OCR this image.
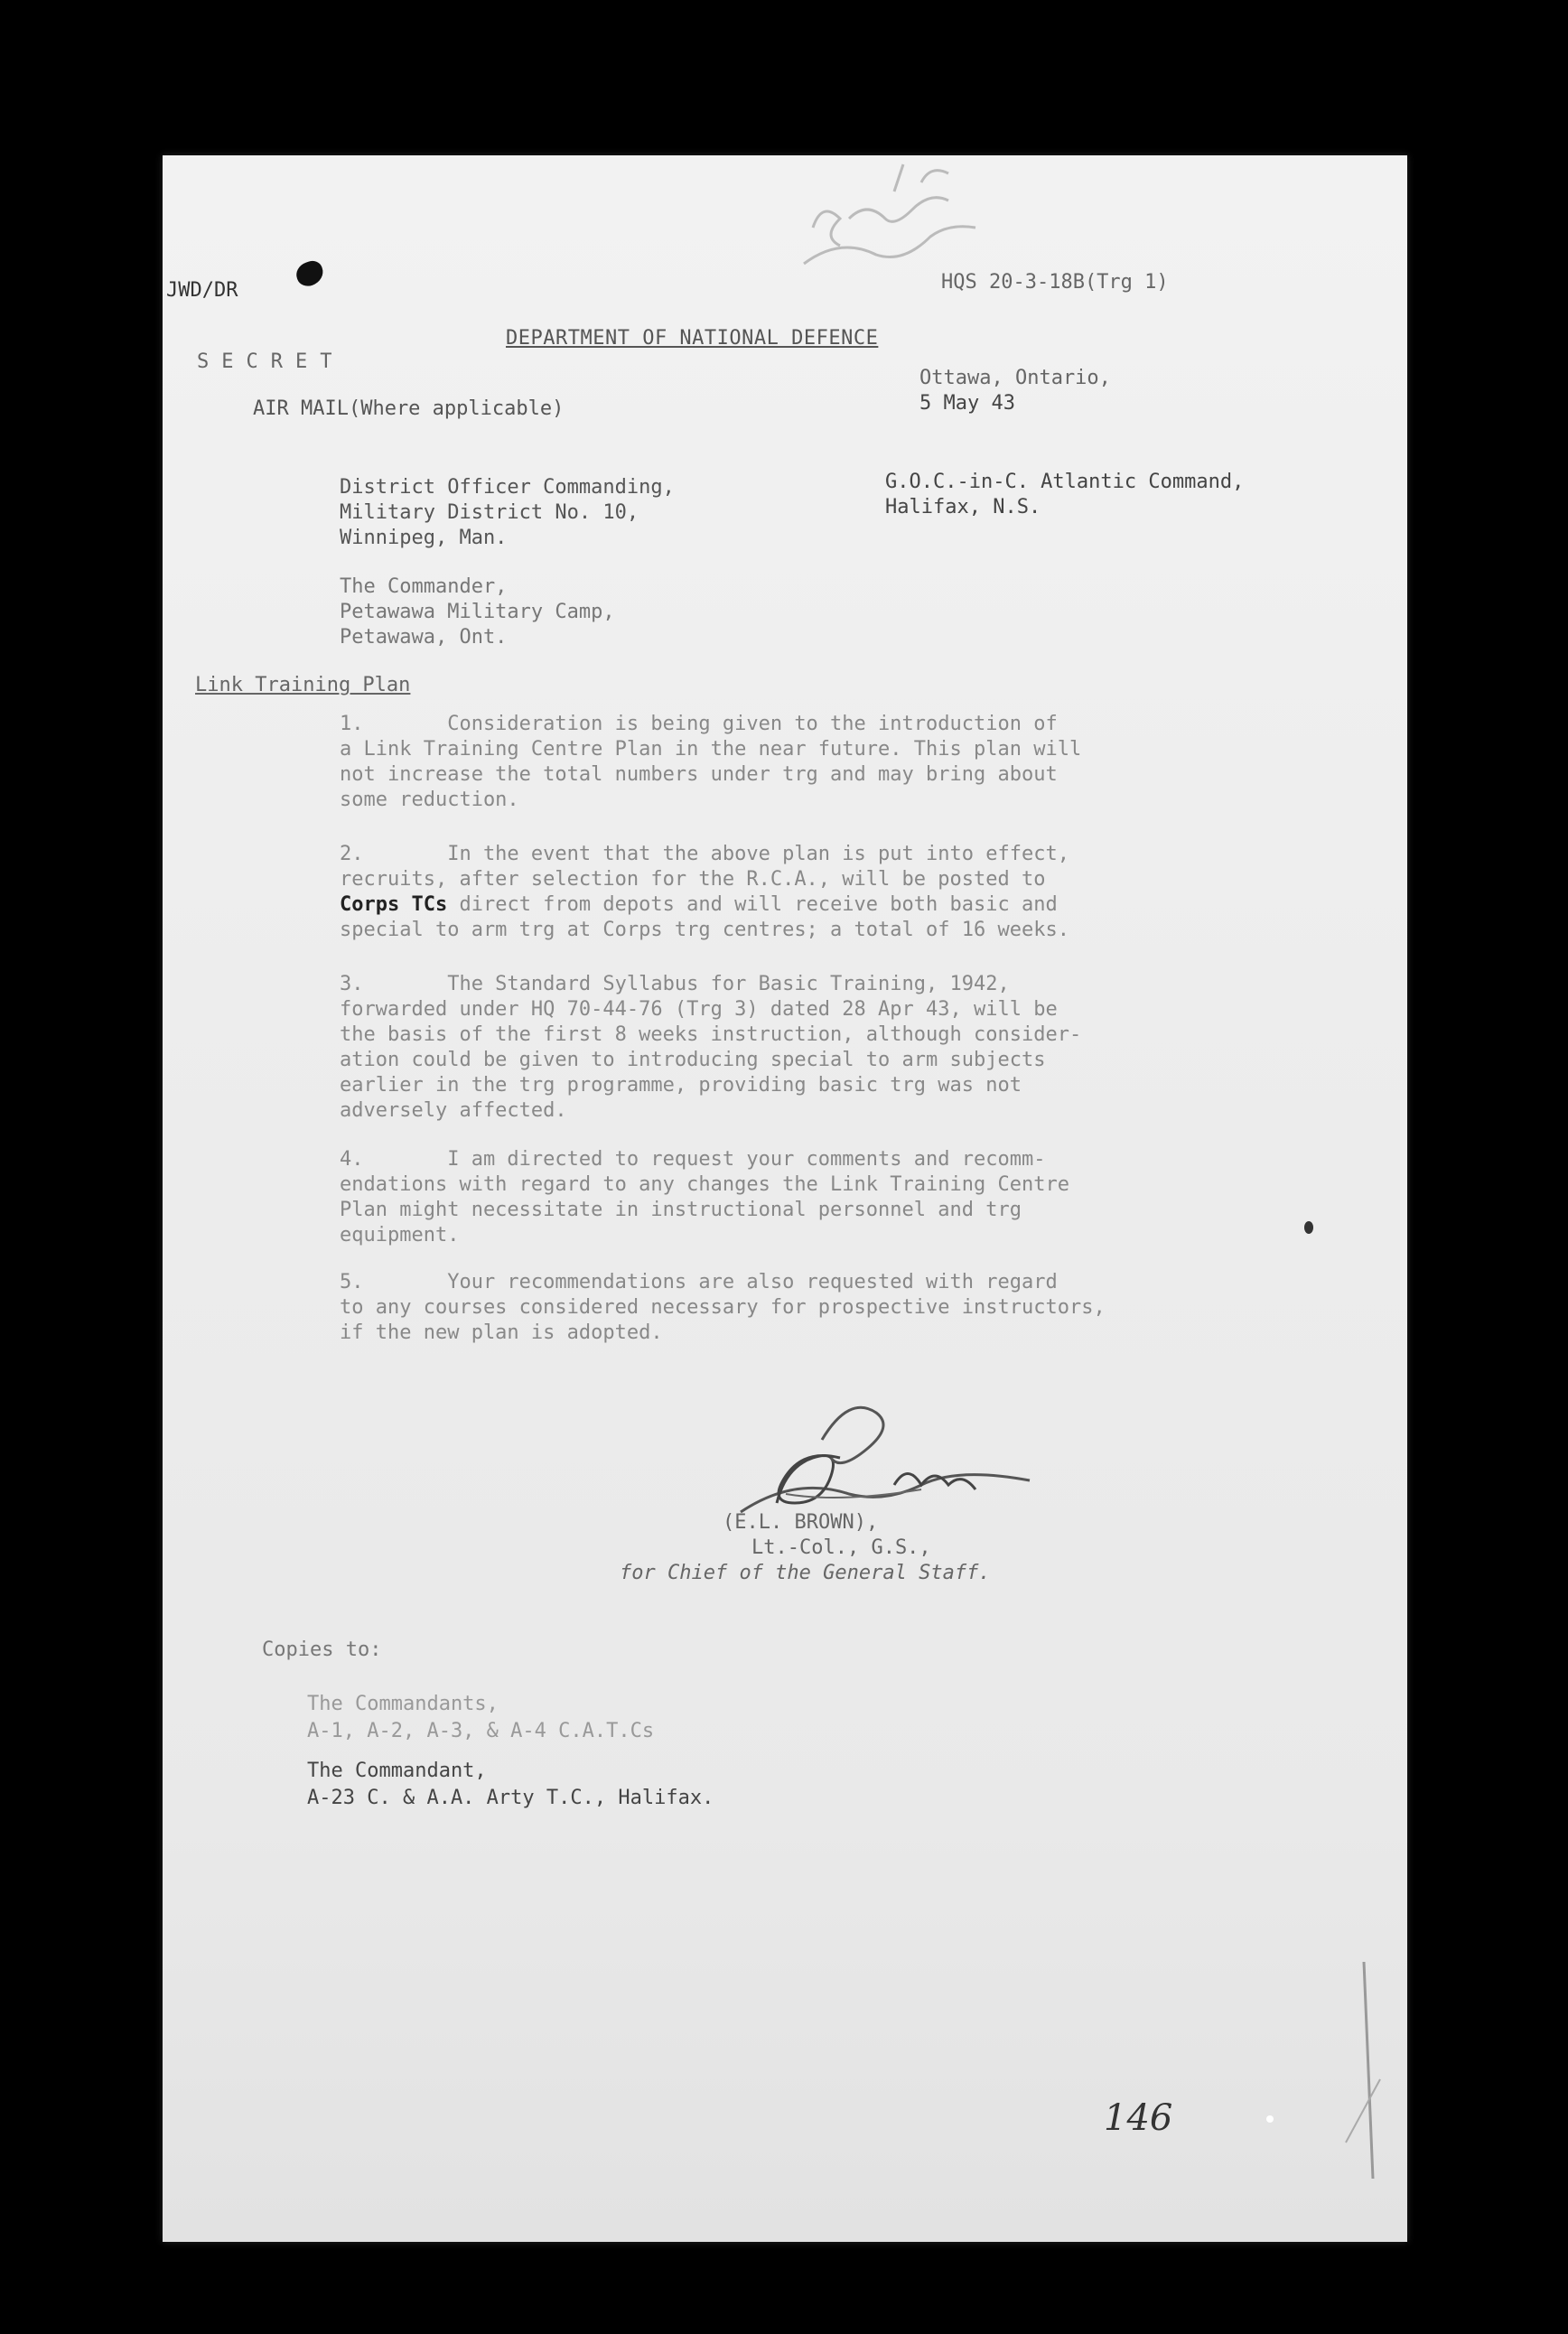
JWD/DR	HQS 20-3-18B(Trg 1)
DEPARTMENT OF NATIONAL DEFENCE
SECRET
Ottawa, Ontario,
5 May 43
AIR MAIL(Where applicable)
District Officer Commanding,
Military District No. 10,
Winnipeg, Man.
G.O.C.-in-C. Atlantic Command,
Halifax, N.S.
The Commander,
Petawawa Military Camp,
Petawawa, Ont.
Link Training Plan
1.       Consideration is being given to the introduction of
a Link Training Centre Plan in the near future. This plan will
not increase the total numbers under trg and may bring about
some reduction.
2.       In the event that the above plan is put into effect,
recruits, after selection for the R.C.A., will be posted to
Corps TCs direct from depots and will receive both basic and
special to arm trg at Corps trg centres; a total of 16 weeks.
3.       The Standard Syllabus for Basic Training, 1942,
forwarded under HQ 70-44-76 (Trg 3) dated 28 Apr 43, will be
the basis of the first 8 weeks instruction, although consider-
ation could be given to introducing special to arm subjects
earlier in the trg programme, providing basic trg was not
adversely affected.
4.       I am directed to request your comments and recomm-
endations with regard to any changes the Link Training Centre
Plan might necessitate in instructional personnel and trg
equipment.
5.       Your recommendations are also requested with regard
to any courses considered necessary for prospective instructors,
if the new plan is adopted.
(E.L. BROWN),
Lt.-Col., G.S.,
for Chief of the General Staff.
Copies to:
The Commandants,
A-1, A-2, A-3, & A-4 C.A.T.Cs
The Commandant,
A-23 C. & A.A. Arty T.C., Halifax.
146
